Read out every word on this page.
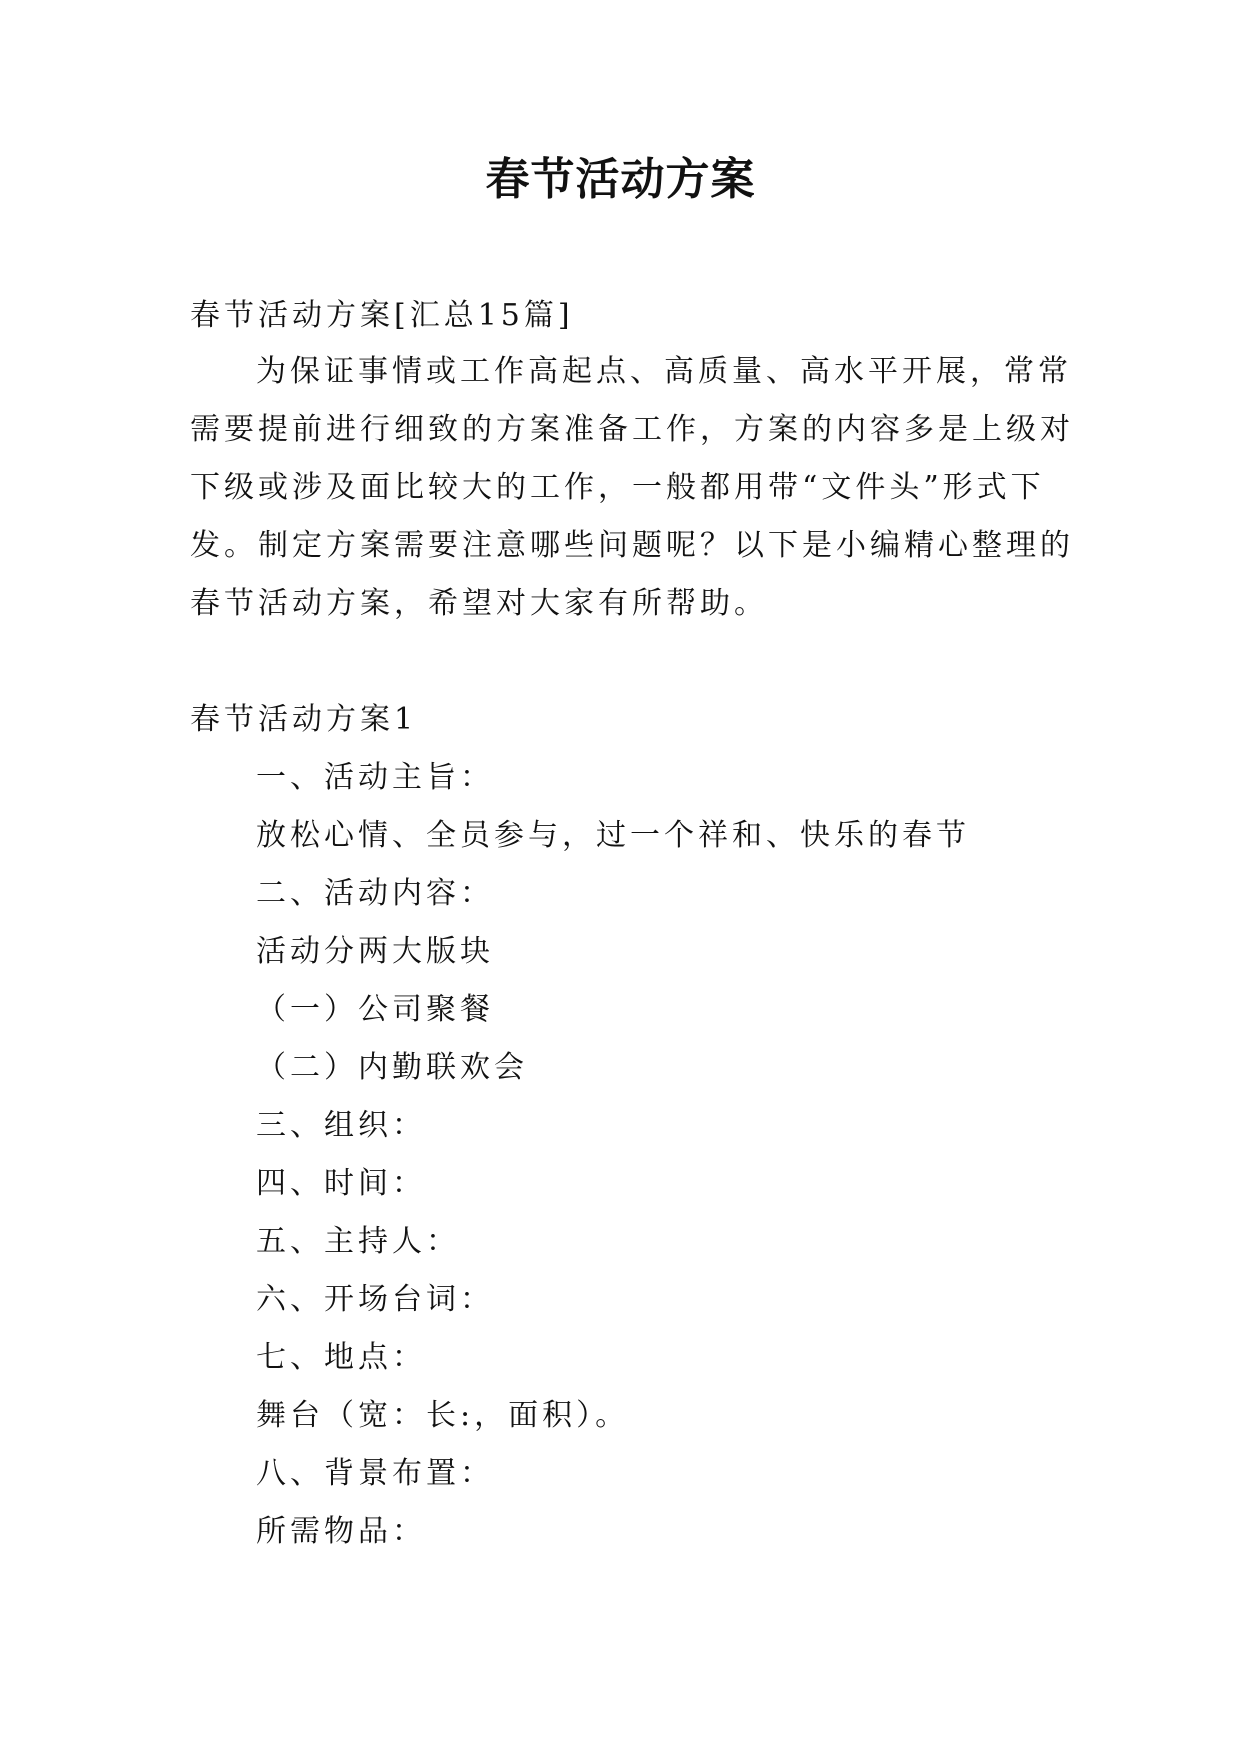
春节活动方案

春节活动方案[汇总15篇]

为保证事情或工作高起点、高质量、高水平开展，常常

需要提前进行细致的方案准备工作，方案的内容多是上级对

下级或涉及面比较大的工作，一般都用带“文件头”形式下

发。制定方案需要注意哪些问题呢？以下是小编精心整理的

春节活动方案，希望对大家有所帮助。

春节活动方案1

一、活动主旨：

放松心情、全员参与，过一个祥和、快乐的春节

二、活动内容：

活动分两大版块

（一）公司聚餐

（二）内勤联欢会

三、组织：

四、时间：

五、主持人：

六、开场台词：

七、地点：

舞台（宽：长:，面积）。

八、背景布置：

所需物品：
